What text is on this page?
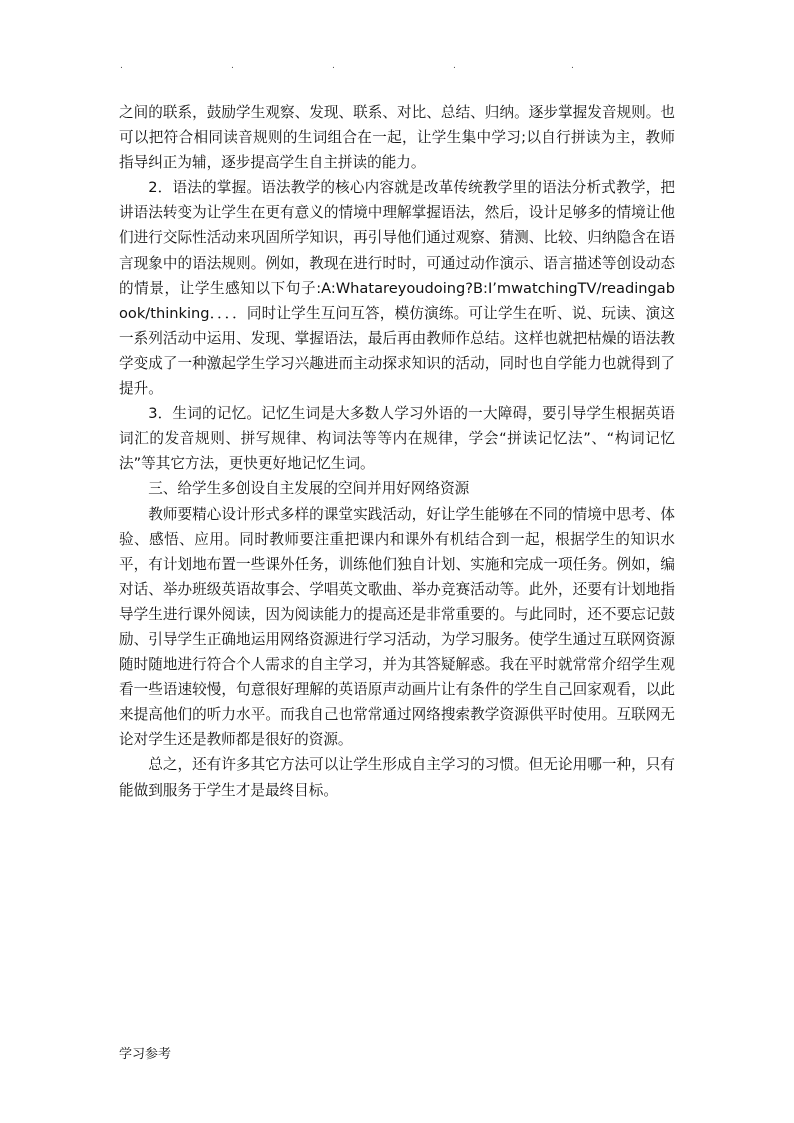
.	.	.	.	.

之间的联系，鼓励学生观察、发现、联系、对比、总结、归纳。逐步掌握发音规则。也可以把符合相同读音规则的生词组合在一起，让学生集中学习;以自行拼读为主，教师指导纠正为辅，逐步提高学生自主拼读的能力。

2．语法的掌握。语法教学的核心内容就是改革传统教学里的语法分析式教学，把讲语法转变为让学生在更有意义的情境中理解掌握语法，然后，设计足够多的情境让他们进行交际性活动来巩固所学知识，再引导他们通过观察、猜测、比较、归纳隐含在语言现象中的语法规则。例如，教现在进行时时，可通过动作演示、语言描述等创设动态的情景，让学生感知以下句子:A:Whatareyoudoing?B:I’mwatchingTV/readingabook/thinking．．．．同时让学生互问互答，模仿演练。可让学生在听、说、玩读、演这一系列活动中运用、发现、掌握语法，最后再由教师作总结。这样也就把枯燥的语法教学变成了一种激起学生学习兴趣进而主动探求知识的活动，同时也自学能力也就得到了提升。

3．生词的记忆。记忆生词是大多数人学习外语的一大障碍，要引导学生根据英语词汇的发音规则、拼写规律、构词法等等内在规律，学会“拼读记忆法”、“构词记忆法”等其它方法，更快更好地记忆生词。

三、给学生多创设自主发展的空间并用好网络资源

教师要精心设计形式多样的课堂实践活动，好让学生能够在不同的情境中思考、体验、感悟、应用。同时教师要注重把课内和课外有机结合到一起，根据学生的知识水平，有计划地布置一些课外任务，训练他们独自计划、实施和完成一项任务。例如，编对话、举办班级英语故事会、学唱英文歌曲、举办竞赛活动等。此外，还要有计划地指导学生进行课外阅读，因为阅读能力的提高还是非常重要的。与此同时，还不要忘记鼓励、引导学生正确地运用网络资源进行学习活动，为学习服务。使学生通过互联网资源随时随地进行符合个人需求的自主学习，并为其答疑解惑。我在平时就常常介绍学生观看一些语速较慢，句意很好理解的英语原声动画片让有条件的学生自己回家观看，以此来提高他们的听力水平。而我自己也常常通过网络搜索教学资源供平时使用。互联网无论对学生还是教师都是很好的资源。

总之，还有许多其它方法可以让学生形成自主学习的习惯。但无论用哪一种，只有能做到服务于学生才是最终目标。

学习参考
